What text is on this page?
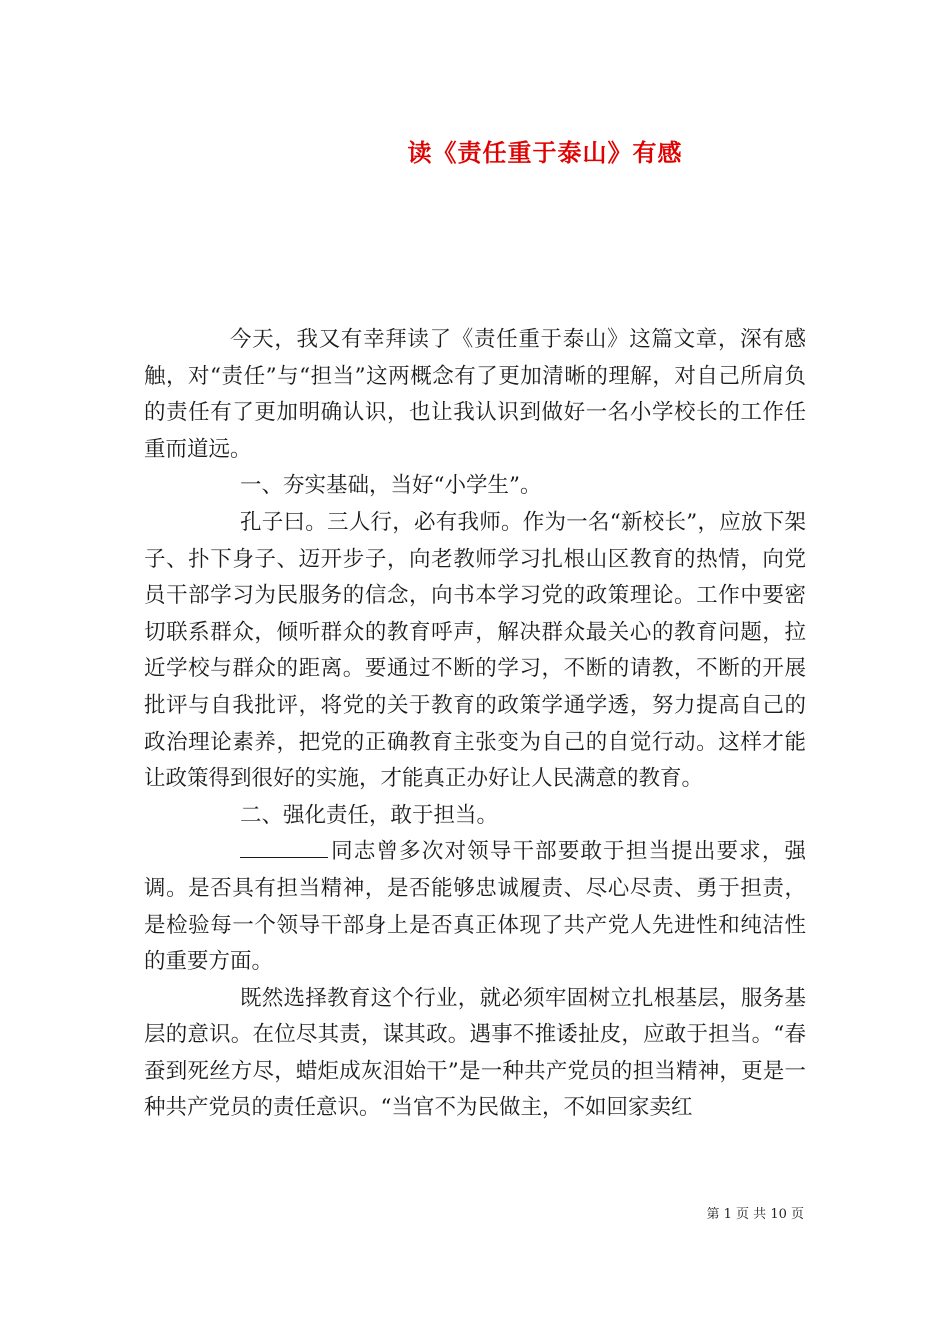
读《责任重于泰山》有感

今天，我又有幸拜读了《责任重于泰山》这篇文章，深有感触，对“责任”与“担当”这两概念有了更加清晰的理解，对自己所肩负的责任有了更加明确认识，也让我认识到做好一名小学校长的工作任重而道远。

一、夯实基础，当好“小学生”。

孔子曰。三人行，必有我师。作为一名“新校长”，应放下架子、扑下身子、迈开步子，向老教师学习扎根山区教育的热情，向党员干部学习为民服务的信念，向书本学习党的政策理论。工作中要密切联系群众，倾听群众的教育呼声，解决群众最关心的教育问题，拉近学校与群众的距离。要通过不断的学习，不断的请教，不断的开展批评与自我批评，将党的关于教育的政策学通学透，努力提高自己的政治理论素养，把党的正确教育主张变为自己的自觉行动。这样才能让政策得到很好的实施，才能真正办好让人民满意的教育。

二、强化责任，敢于担当。

同志曾多次对领导干部要敢于担当提出要求，强调。是否具有担当精神，是否能够忠诚履责、尽心尽责、勇于担责，是检验每一个领导干部身上是否真正体现了共产党人先进性和纯洁性的重要方面。

既然选择教育这个行业，就必须牢固树立扎根基层，服务基层的意识。在位尽其责，谋其政。遇事不推诿扯皮，应敢于担当。“春蚕到死丝方尽，蜡炬成灰泪始干”是一种共产党员的担当精神，更是一种共产党员的责任意识。“当官不为民做主，不如回家卖红

第 1 页 共 10 页
